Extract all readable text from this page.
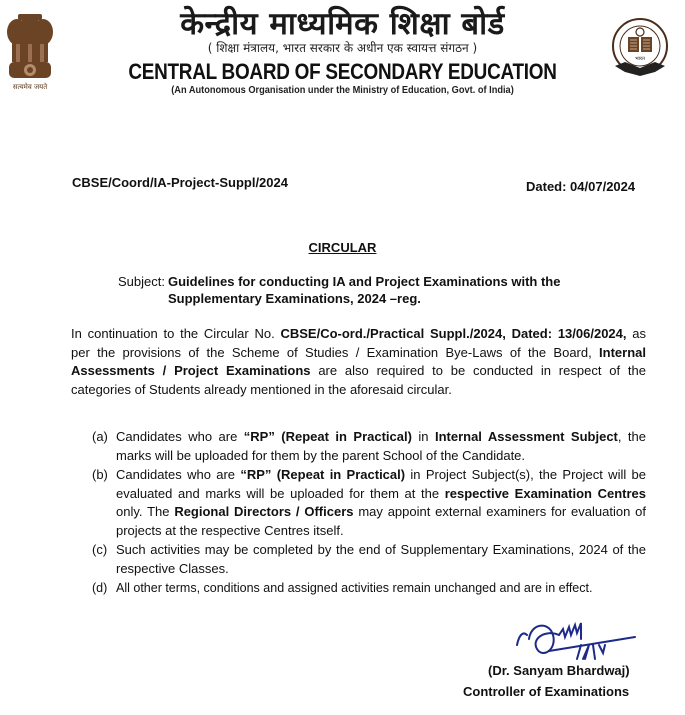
सत्यमेव जयते
केन्द्रीय माध्यमिक शिक्षा बोर्ड
( शिक्षा मंत्रालय, भारत सरकार के अधीन एक स्वायत्त संगठन )
CENTRAL BOARD OF SECONDARY EDUCATION
(An Autonomous Organisation under the Ministry of Education, Govt. of India)
भारत
CBSE/Coord/IA-Project-Suppl/2024	Dated: 04/07/2024
CIRCULAR
Subject: Guidelines for conducting IA and Project Examinations with the Supplementary Examinations, 2024 –reg.
In continuation to the Circular No. CBSE/Co-ord./Practical Suppl./2024, Dated: 13/06/2024, as per the provisions of the Scheme of Studies / Examination Bye-Laws of the Board, Internal Assessments / Project Examinations are also required to be conducted in respect of the categories of Students already mentioned in the aforesaid circular.
(a) Candidates who are “RP” (Repeat in Practical) in Internal Assessment Subject, the marks will be uploaded for them by the parent School of the Candidate.
(b) Candidates who are “RP” (Repeat in Practical) in Project Subject(s), the Project will be evaluated and marks will be uploaded for them at the respective Examination Centres only. The Regional Directors / Officers may appoint external examiners for evaluation of projects at the respective Centres itself.
(c) Such activities may be completed by the end of Supplementary Examinations, 2024 of the respective Classes.
(d) All other terms, conditions and assigned activities remain unchanged and are in effect.
4/7/24
(Dr. Sanyam Bhardwaj)
Controller of Examinations
